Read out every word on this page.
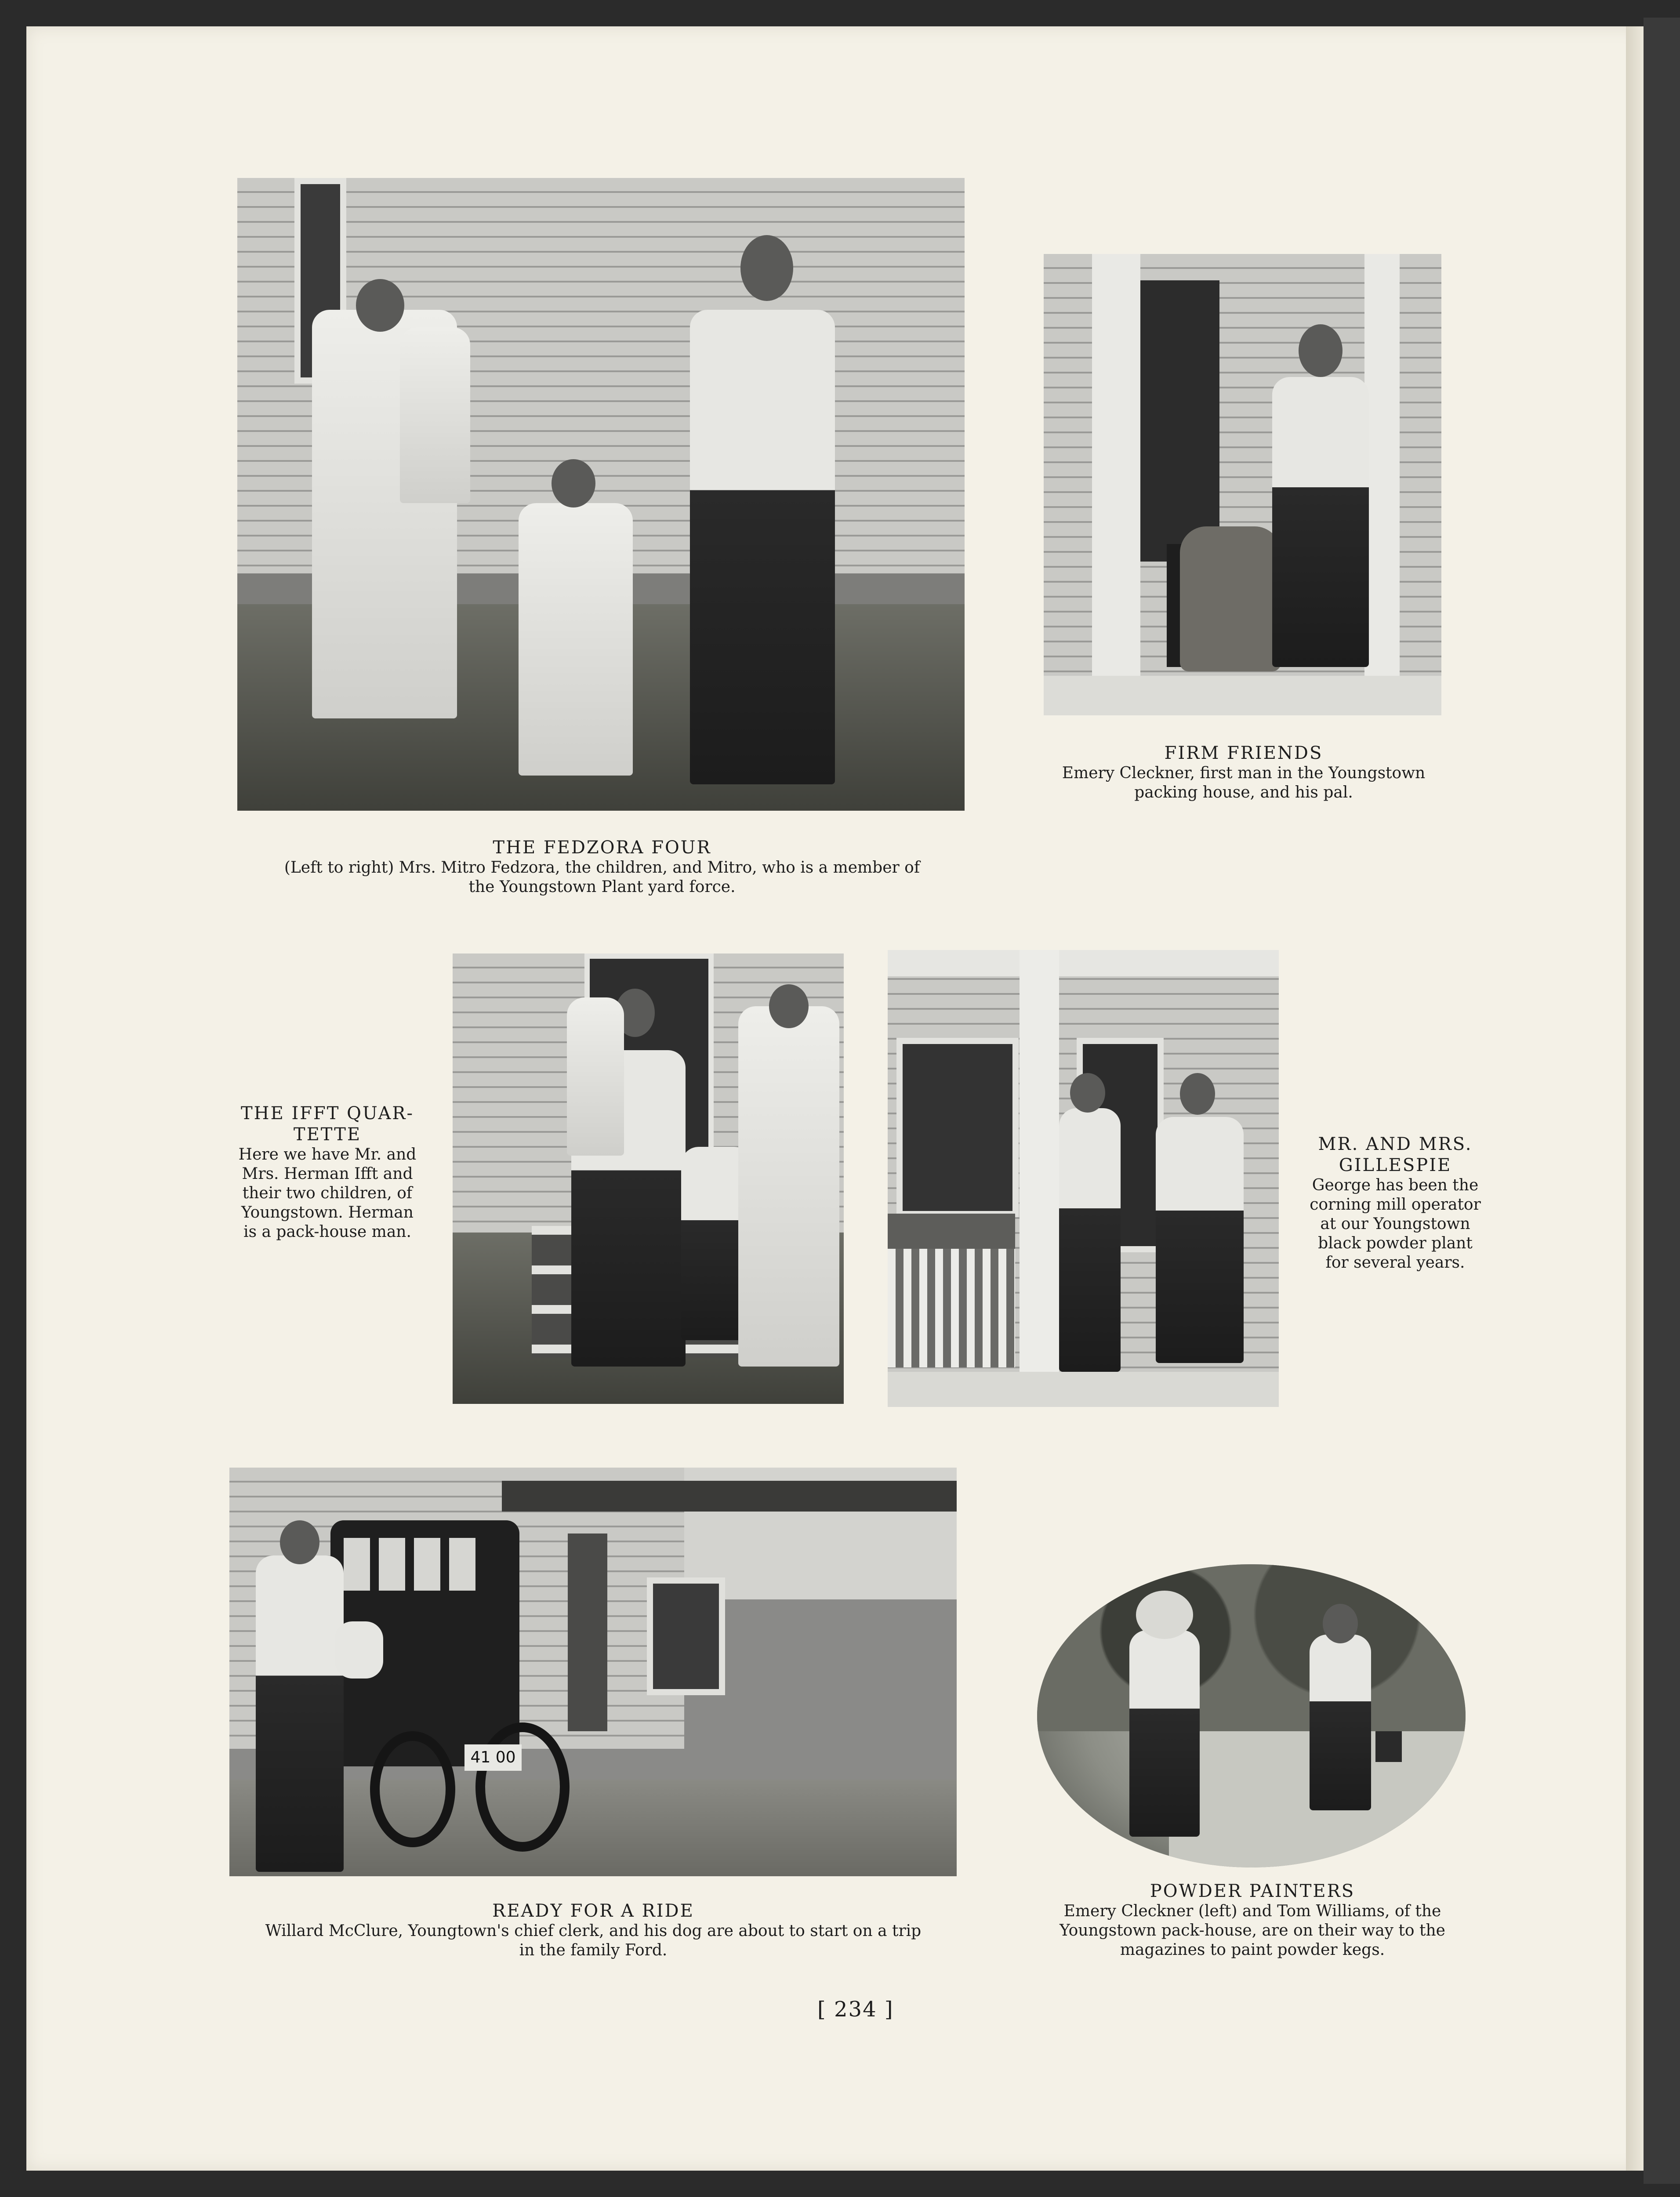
THE FEDZORA FOUR
(Left to right) Mrs. Mitro Fedzora, the children, and Mitro, who is a member of
the Youngstown Plant yard force.
FIRM FRIENDS
Emery Cleckner, first man in the Youngstown
packing house, and his pal.
THE IFFT QUAR-
TETTE
Here we have Mr. and
Mrs. Herman Ifft and
their two children, of
Youngstown. Herman
is a pack-house man.
MR. AND MRS.
GILLESPIE
George has been the
corning mill operator
at our Youngstown
black powder plant
for several years.
41 00
READY FOR A RIDE
Willard McClure, Youngtown's chief clerk, and his dog are about to start on a trip
in the family Ford.
POWDER PAINTERS
Emery Cleckner (left) and Tom Williams, of the
Youngstown pack-house, are on their way to the
magazines to paint powder kegs.
[ 234 ]
